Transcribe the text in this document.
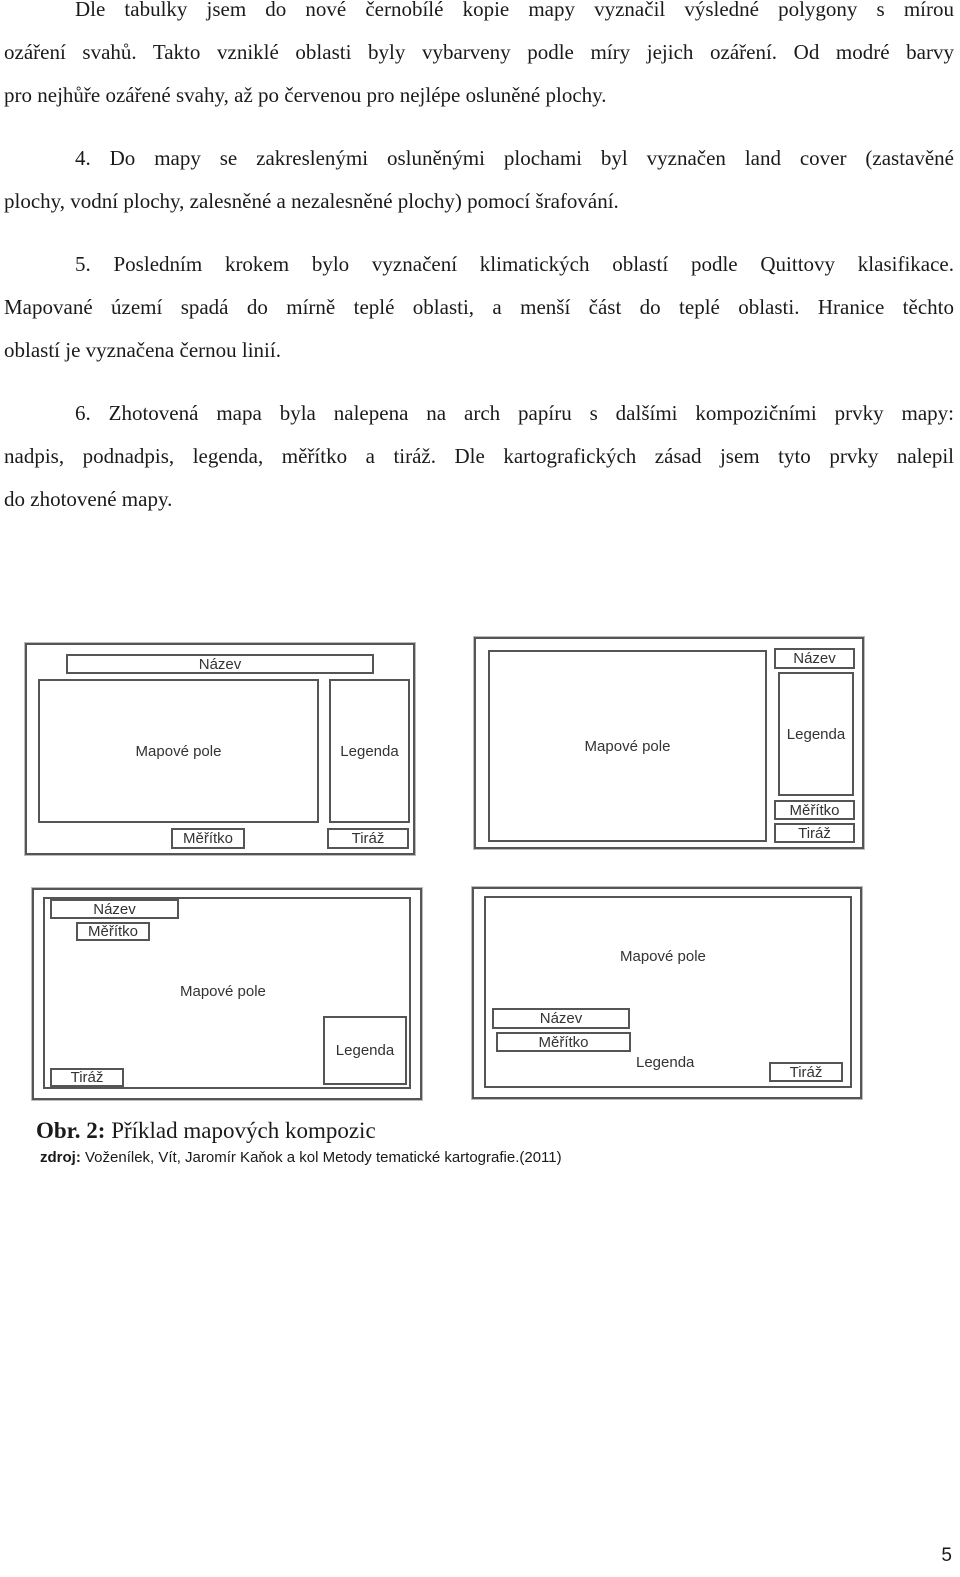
Dle tabulky jsem do nové černobílé kopie mapy vyznačil výsledné polygony s mírou
ozáření svahů. Takto vzniklé oblasti byly vybarveny podle míry jejich ozáření. Od modré barvy
pro nejhůře ozářené svahy, až po červenou pro nejlépe osluněné plochy.
4. Do mapy se zakreslenými osluněnými plochami byl vyznačen land cover (zastavěné
plochy, vodní plochy, zalesněné a nezalesněné plochy) pomocí šrafování.
5. Posledním krokem bylo vyznačení klimatických oblastí podle Quittovy klasifikace.
Mapované území spadá do mírně teplé oblasti, a menší část do teplé oblasti. Hranice těchto
oblastí je vyznačena černou linií.
6. Zhotovená mapa byla nalepena na arch papíru s dalšími kompozičními prvky mapy:
nadpis, podnadpis, legenda, měřítko a tiráž. Dle kartografických zásad jsem tyto prvky nalepil
do zhotovené mapy.
Název
Mapové pole	Legenda
Měřítko	Tiráž
Mapové pole
Název
Legenda
Měřítko
Tiráž
Mapové pole
Název
Měřítko
Legenda
Tiráž
Mapové pole
Název
Měřítko
Legenda
Tiráž
Obr. 2: Příklad mapových kompozic
zdroj: Voženílek, Vít, Jaromír Kaňok a kol Metody tematické kartografie.(2011)
5
